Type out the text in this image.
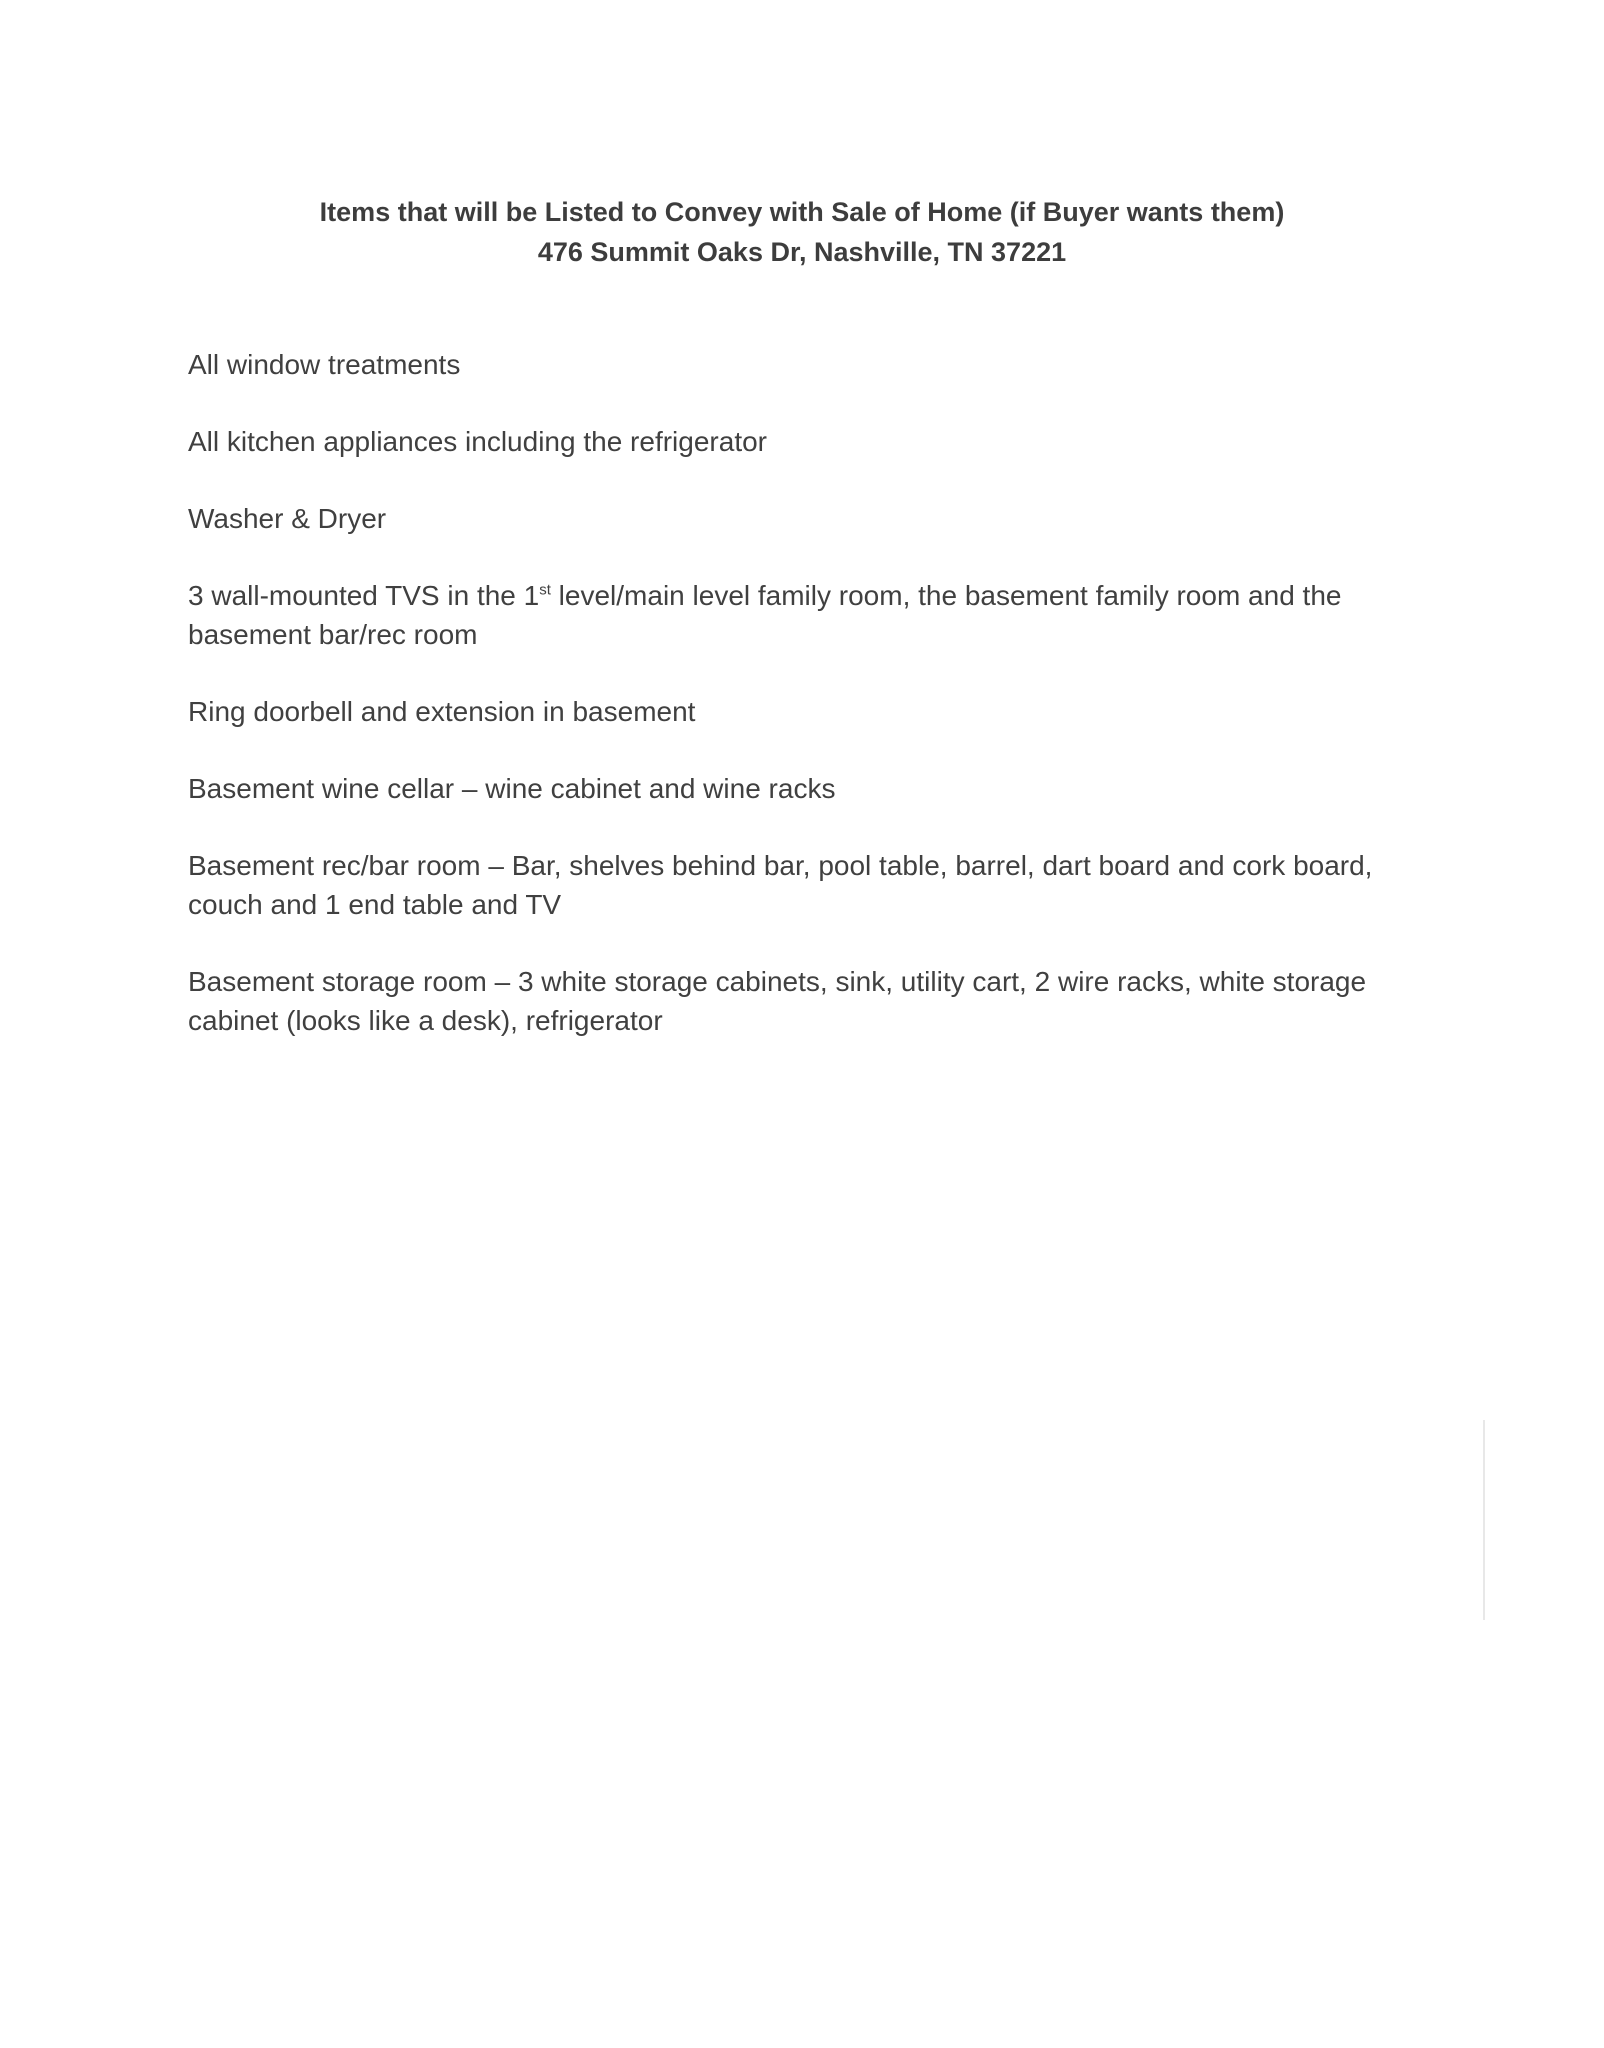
Items that will be Listed to Convey with Sale of Home (if Buyer wants them)
476 Summit Oaks Dr, Nashville, TN 37221

All window treatments

All kitchen appliances including the refrigerator

Washer & Dryer

3 wall-mounted TVS in the 1st level/main level family room, the basement family room and the basement bar/rec room

Ring doorbell and extension in basement

Basement wine cellar – wine cabinet and wine racks

Basement rec/bar room – Bar, shelves behind bar, pool table, barrel, dart board and cork board, couch and 1 end table and TV

Basement storage room – 3 white storage cabinets, sink, utility cart, 2 wire racks, white storage cabinet (looks like a desk), refrigerator
